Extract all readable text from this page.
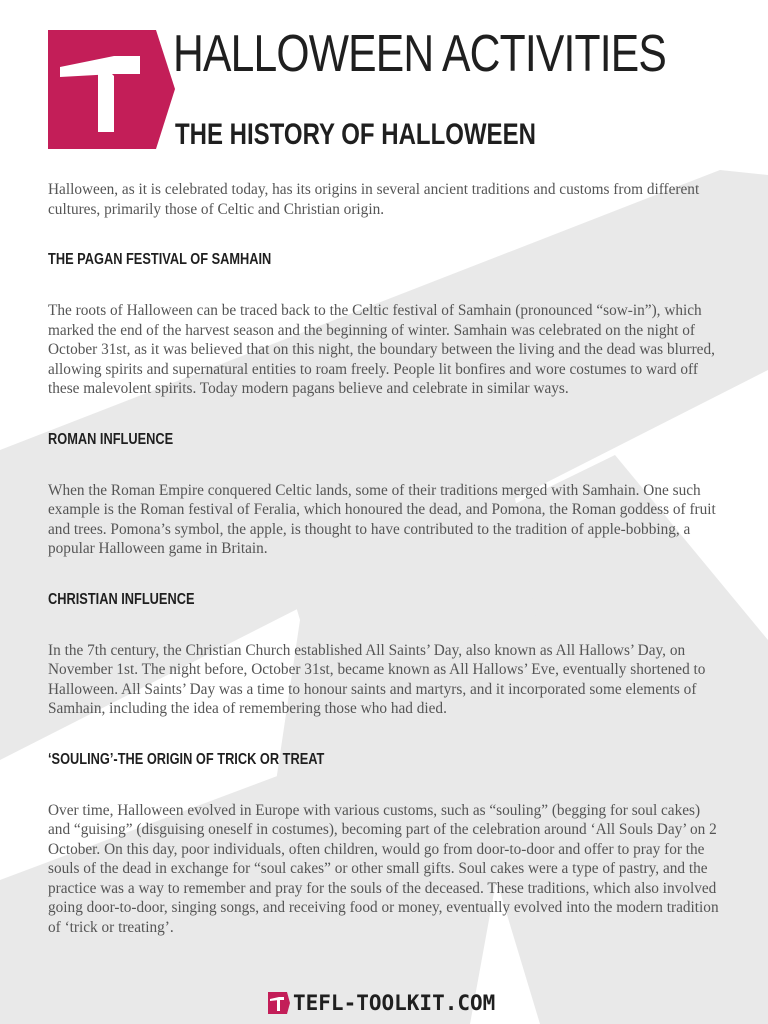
HALLOWEEN ACTIVITIES
THE HISTORY OF HALLOWEEN

Halloween, as it is celebrated today, has its origins in several ancient traditions and customs from different cultures, primarily those of Celtic and Christian origin.

THE PAGAN FESTIVAL OF SAMHAIN

The roots of Halloween can be traced back to the Celtic festival of Samhain (pronounced “sow-in”), which marked the end of the harvest season and the beginning of winter. Samhain was celebrated on the night of October 31st, as it was believed that on this night, the boundary between the living and the dead was blurred, allowing spirits and supernatural entities to roam freely. People lit bonfires and wore costumes to ward off these malevolent spirits. Today modern pagans believe and celebrate in similar ways.

ROMAN INFLUENCE

When the Roman Empire conquered Celtic lands, some of their traditions merged with Samhain. One such example is the Roman festival of Feralia, which honoured the dead, and Pomona, the Roman goddess of fruit and trees. Pomona’s symbol, the apple, is thought to have contributed to the tradition of apple-bobbing, a popular Halloween game in Britain.

CHRISTIAN INFLUENCE

In the 7th century, the Christian Church established All Saints’ Day, also known as All Hallows’ Day, on November 1st. The night before, October 31st, became known as All Hallows’ Eve, eventually shortened to Halloween. All Saints’ Day was a time to honour saints and martyrs, and it incorporated some elements of Samhain, including the idea of remembering those who had died.

‘SOULING’-THE ORIGIN OF TRICK OR TREAT

Over time, Halloween evolved in Europe with various customs, such as “souling” (begging for soul cakes) and “guising” (disguising oneself in costumes), becoming part of the celebration around ‘All Souls Day’ on 2 October. On this day, poor individuals, often children, would go from door-to-door and offer to pray for the souls of the dead in exchange for “soul cakes” or other small gifts. Soul cakes were a type of pastry, and the practice was a way to remember and pray for the souls of the deceased. These traditions, which also involved going door-to-door, singing songs, and receiving food or money, eventually evolved into the modern tradition of ‘trick or treating’.

TEFL-TOOLKIT.COM
